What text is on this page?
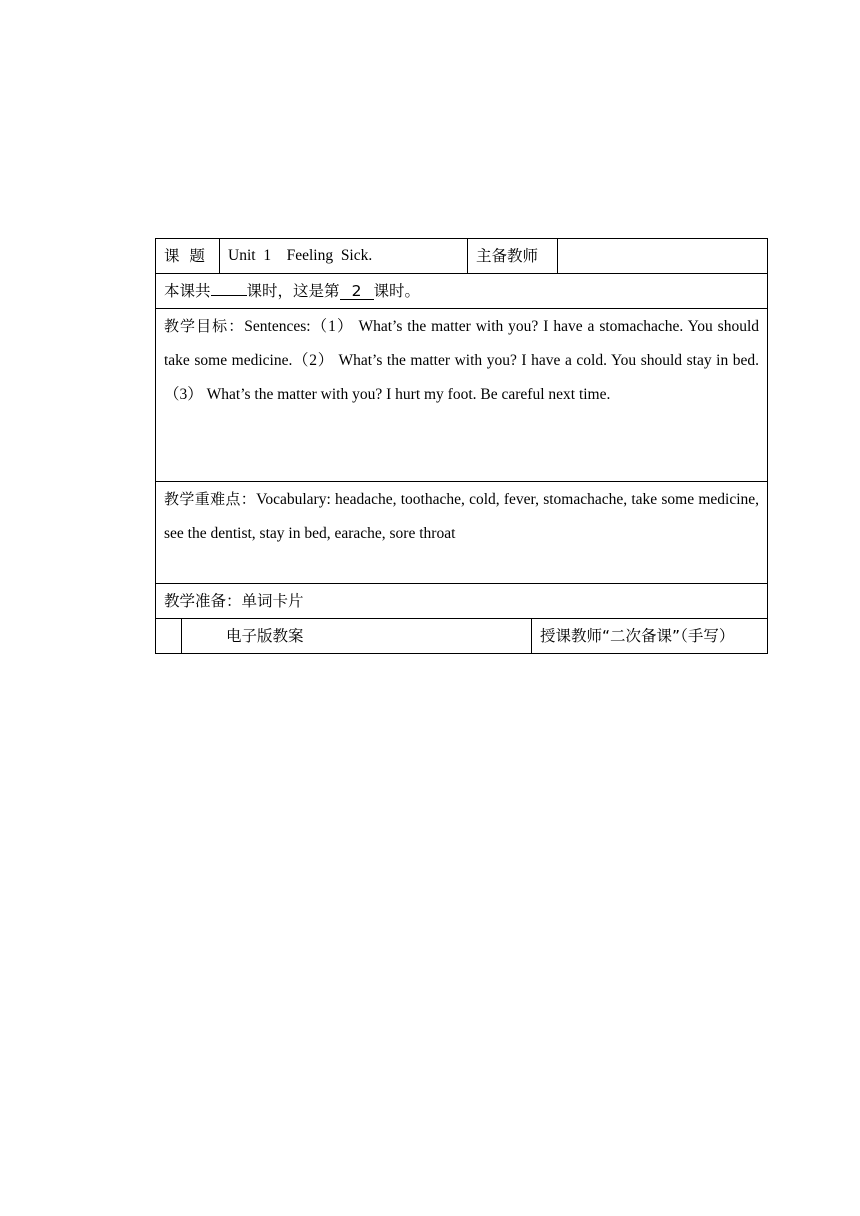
课  题		Unit  1    Feeling  Sick.	主备教师		
本课共 课时，这是第 2 课时。					
教学目标：Sentences:（1） What’s the matter with you? I have a stomachache. You should take some medicine.（2） What’s the matter with you? I have a cold. You should stay in bed.（3） What’s the matter with you? I hurt my foot. Be careful next time.					
教学重难点：Vocabulary: headache, toothache, cold, fever, stomachache, take some medicine, see the dentist, stay in bed, earache, sore throat					
教学准备：单词卡片					
	电子版教案			授课教师“二次备课”（手写）	
